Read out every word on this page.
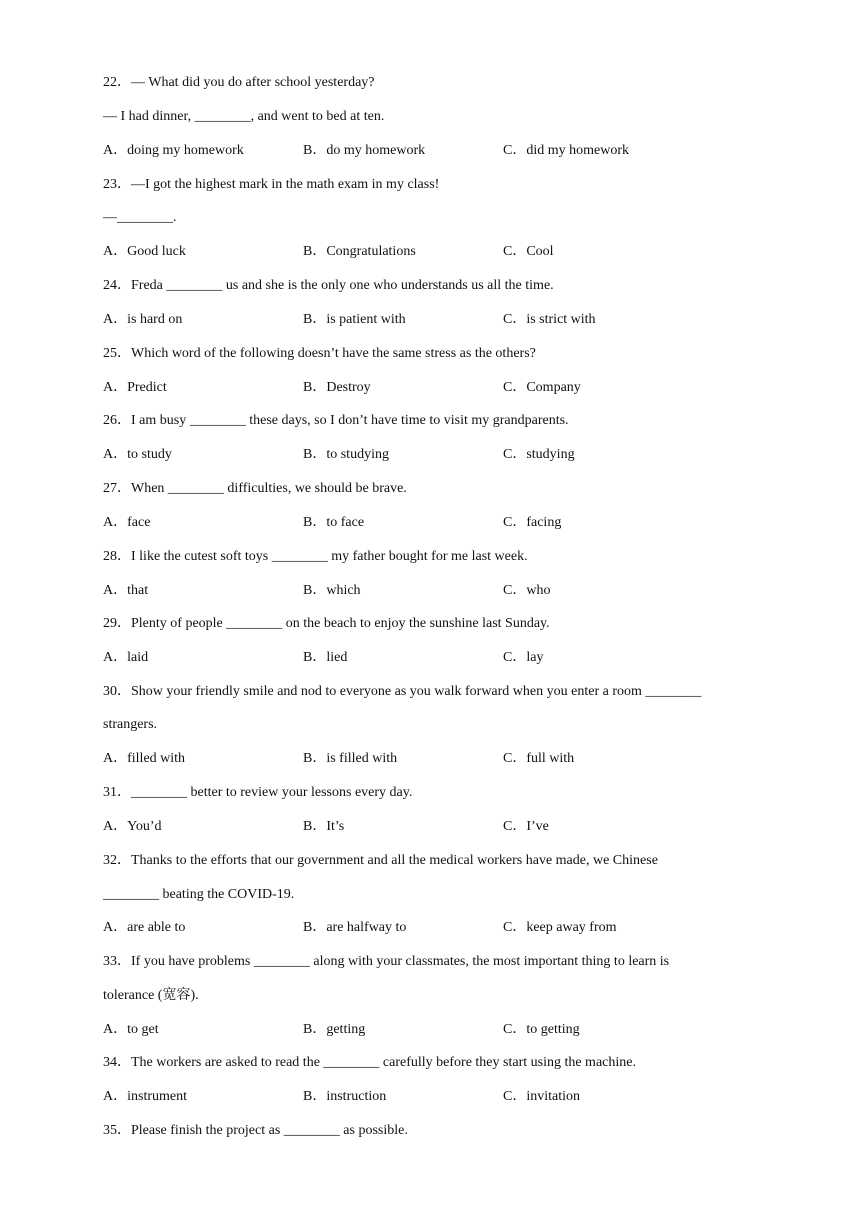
22．— What did you do after school yesterday?
— I had dinner, ________, and went to bed at ten.
A．doing my homework	B．do my homework	C．did my homework
23．—I got the highest mark in the math exam in my class!
—________.
A．Good luck	B．Congratulations	C．Cool
24．Freda ________ us and she is the only one who understands us all the time.
A．is hard on	B．is patient with	C．is strict with
25．Which word of the following doesn’t have the same stress as the others?
A．Predict	B．Destroy	C．Company
26．I am busy ________ these days, so I don’t have time to visit my grandparents.
A．to study	B．to studying	C．studying
27．When ________ difficulties, we should be brave.
A．face	B．to face	C．facing
28．I like the cutest soft toys ________ my father bought for me last week.
A．that	B．which	C．who
29．Plenty of people ________ on the beach to enjoy the sunshine last Sunday.
A．laid	B．lied	C．lay
30．Show your friendly smile and nod to everyone as you walk forward when you enter a room ________
strangers.
A．filled with	B．is filled with	C．full with
31．________ better to review your lessons every day.
A．You’d	B．It’s	C．I’ve
32．Thanks to the efforts that our government and all the medical workers have made, we Chinese
________ beating the COVID-19.
A．are able to	B．are halfway to	C．keep away from
33．If you have problems ________ along with your classmates, the most important thing to learn is
tolerance (宽容).
A．to get	B．getting	C．to getting
34．The workers are asked to read the ________ carefully before they start using the machine.
A．instrument	B．instruction	C．invitation
35．Please finish the project as ________ as possible.
